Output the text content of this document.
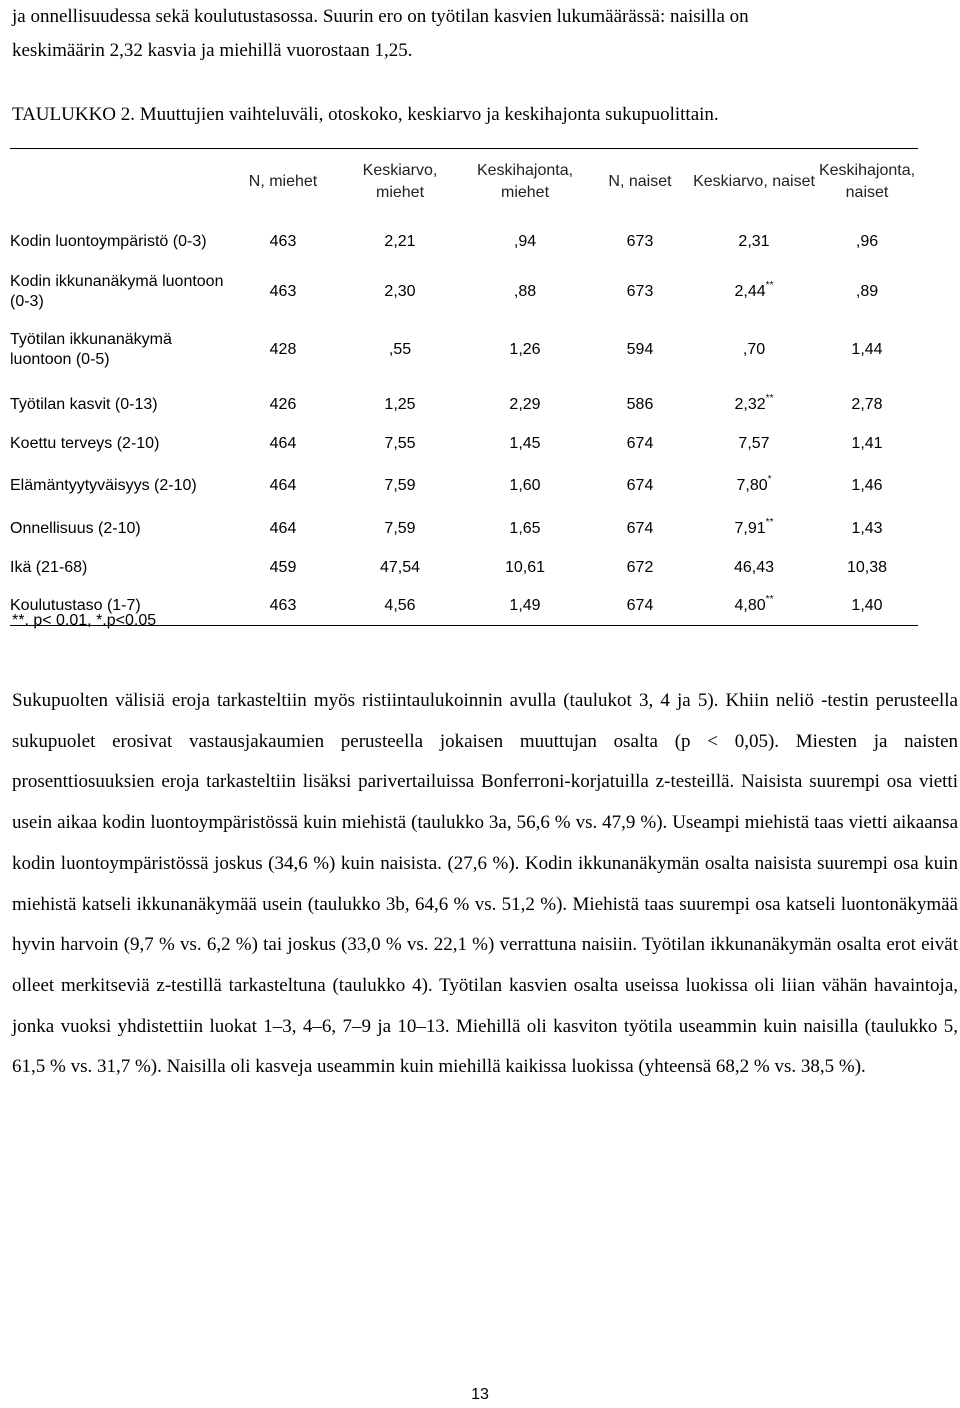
ja onnellisuudessa sekä koulutustasossa. Suurin ero on työtilan kasvien lukumäärässä: naisilla on

keskimäärin 2,32 kasvia ja miehillä vuorostaan 1,25.

TAULUKKO 2. Muuttujien vaihteluväli, otoskoko, keskiarvo ja keskihajonta sukupuolittain.
	N, miehet	Keskiarvo, miehet	Keskihajonta, miehet	N, naiset	Keskiarvo, naiset	Keskihajonta, naiset
Kodin luontoympäristö (0-3)	463	2,21	,94	673	2,31	,96
Kodin ikkunanäkymä luontoon (0-3)	463	2,30	,88	673	2,44**	,89
Työtilan ikkunanäkymä luontoon (0-5)	428	,55	1,26	594	,70	1,44
Työtilan kasvit (0-13)	426	1,25	2,29	586	2,32**	2,78
Koettu terveys (2-10)	464	7,55	1,45	674	7,57	1,41
Elämäntyytyväisyys (2-10)	464	7,59	1,60	674	7,80*	1,46
Onnellisuus (2-10)	464	7,59	1,65	674	7,91**	1,43
Ikä (21-68)	459	47,54	10,61	672	46,43	10,38
Koulutustaso (1-7)	463	4,56	1,49	674	4,80**	1,40
**. p< 0.01, *.p<0.05

Sukupuolten välisiä eroja tarkasteltiin myös ristiintaulukoinnin avulla (taulukot 3, 4 ja 5). Khiin neliö -testin perusteella sukupuolet erosivat vastausjakaumien perusteella jokaisen muuttujan osalta (p < 0,05). Miesten ja naisten prosenttiosuuksien eroja tarkasteltiin lisäksi parivertailuissa Bonferroni-korjatuilla z-testeillä. Naisista suurempi osa vietti usein aikaa kodin luontoympäristössä kuin miehistä (taulukko 3a, 56,6 % vs. 47,9 %). Useampi miehistä taas vietti aikaansa kodin luontoympäristössä joskus (34,6 %) kuin naisista. (27,6 %). Kodin ikkunanäkymän osalta naisista suurempi osa kuin miehistä katseli ikkunanäkymää usein (taulukko 3b, 64,6 % vs. 51,2 %). Miehistä taas suurempi osa katseli luontonäkymää hyvin harvoin (9,7 % vs. 6,2 %) tai joskus (33,0 % vs. 22,1 %) verrattuna naisiin. Työtilan ikkunanäkymän osalta erot eivät olleet merkitseviä z-testillä tarkasteltuna (taulukko 4). Työtilan kasvien osalta useissa luokissa oli liian vähän havaintoja, jonka vuoksi yhdistettiin luokat 1–3, 4–6, 7–9 ja 10–13. Miehillä oli kasviton työtila useammin kuin naisilla (taulukko 5, 61,5 % vs. 31,7 %). Naisilla oli kasveja useammin kuin miehillä kaikissa luokissa (yhteensä 68,2 % vs. 38,5 %).

13
